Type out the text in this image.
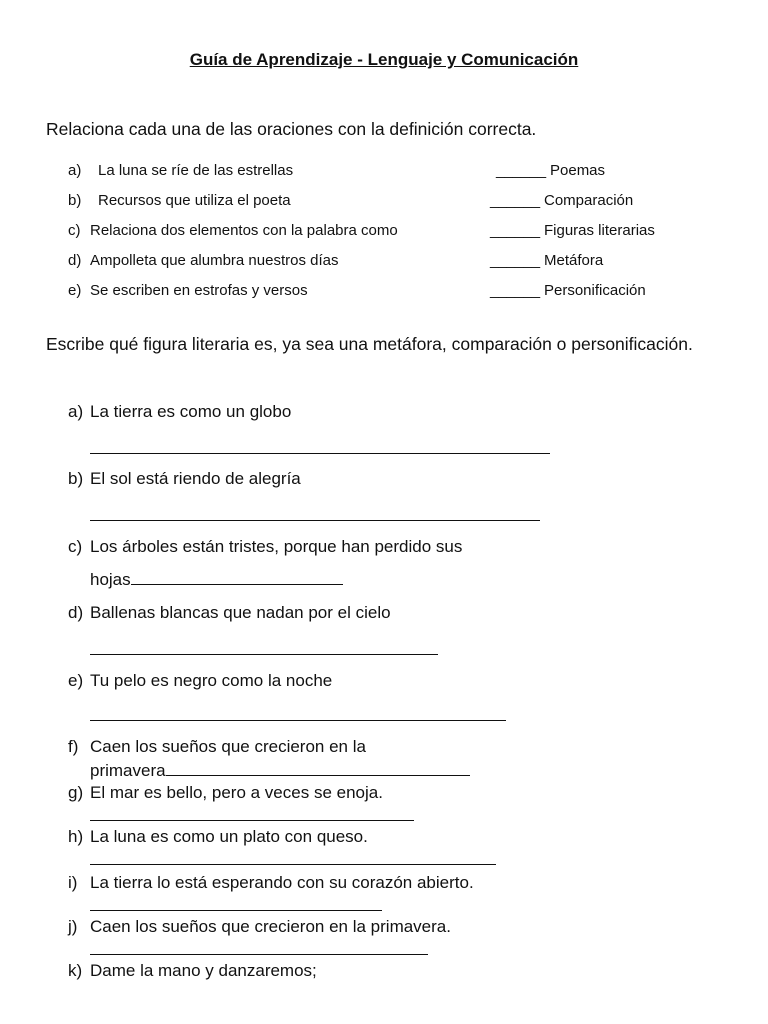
Guía de Aprendizaje - Lenguaje y Comunicación
Relaciona cada una de las oraciones con la definición correcta.
a) La luna se ríe de las estrellas	______ Poemas
b) Recursos que utiliza el poeta	______ Comparación
c) Relaciona dos elementos con la palabra como	______ Figuras literarias
d) Ampolleta que alumbra nuestros días	______ Metáfora
e) Se escriben en estrofas y versos	______ Personificación
Escribe qué figura literaria es, ya sea una metáfora, comparación o personificación.
a) La tierra es como un globo
b) El sol está riendo de alegría
c) Los árboles están tristes, porque han perdido sus
hojas
d) Ballenas blancas que nadan por el cielo
e) Tu pelo es negro como la noche
f) Caen los sueños que crecieron en la
primavera
g) El mar es bello, pero a veces se enoja.
h) La luna es como un plato con queso.
i) La tierra lo está esperando con su corazón abierto.
j) Caen los sueños que crecieron en la primavera.
k) Dame la mano y danzaremos;
